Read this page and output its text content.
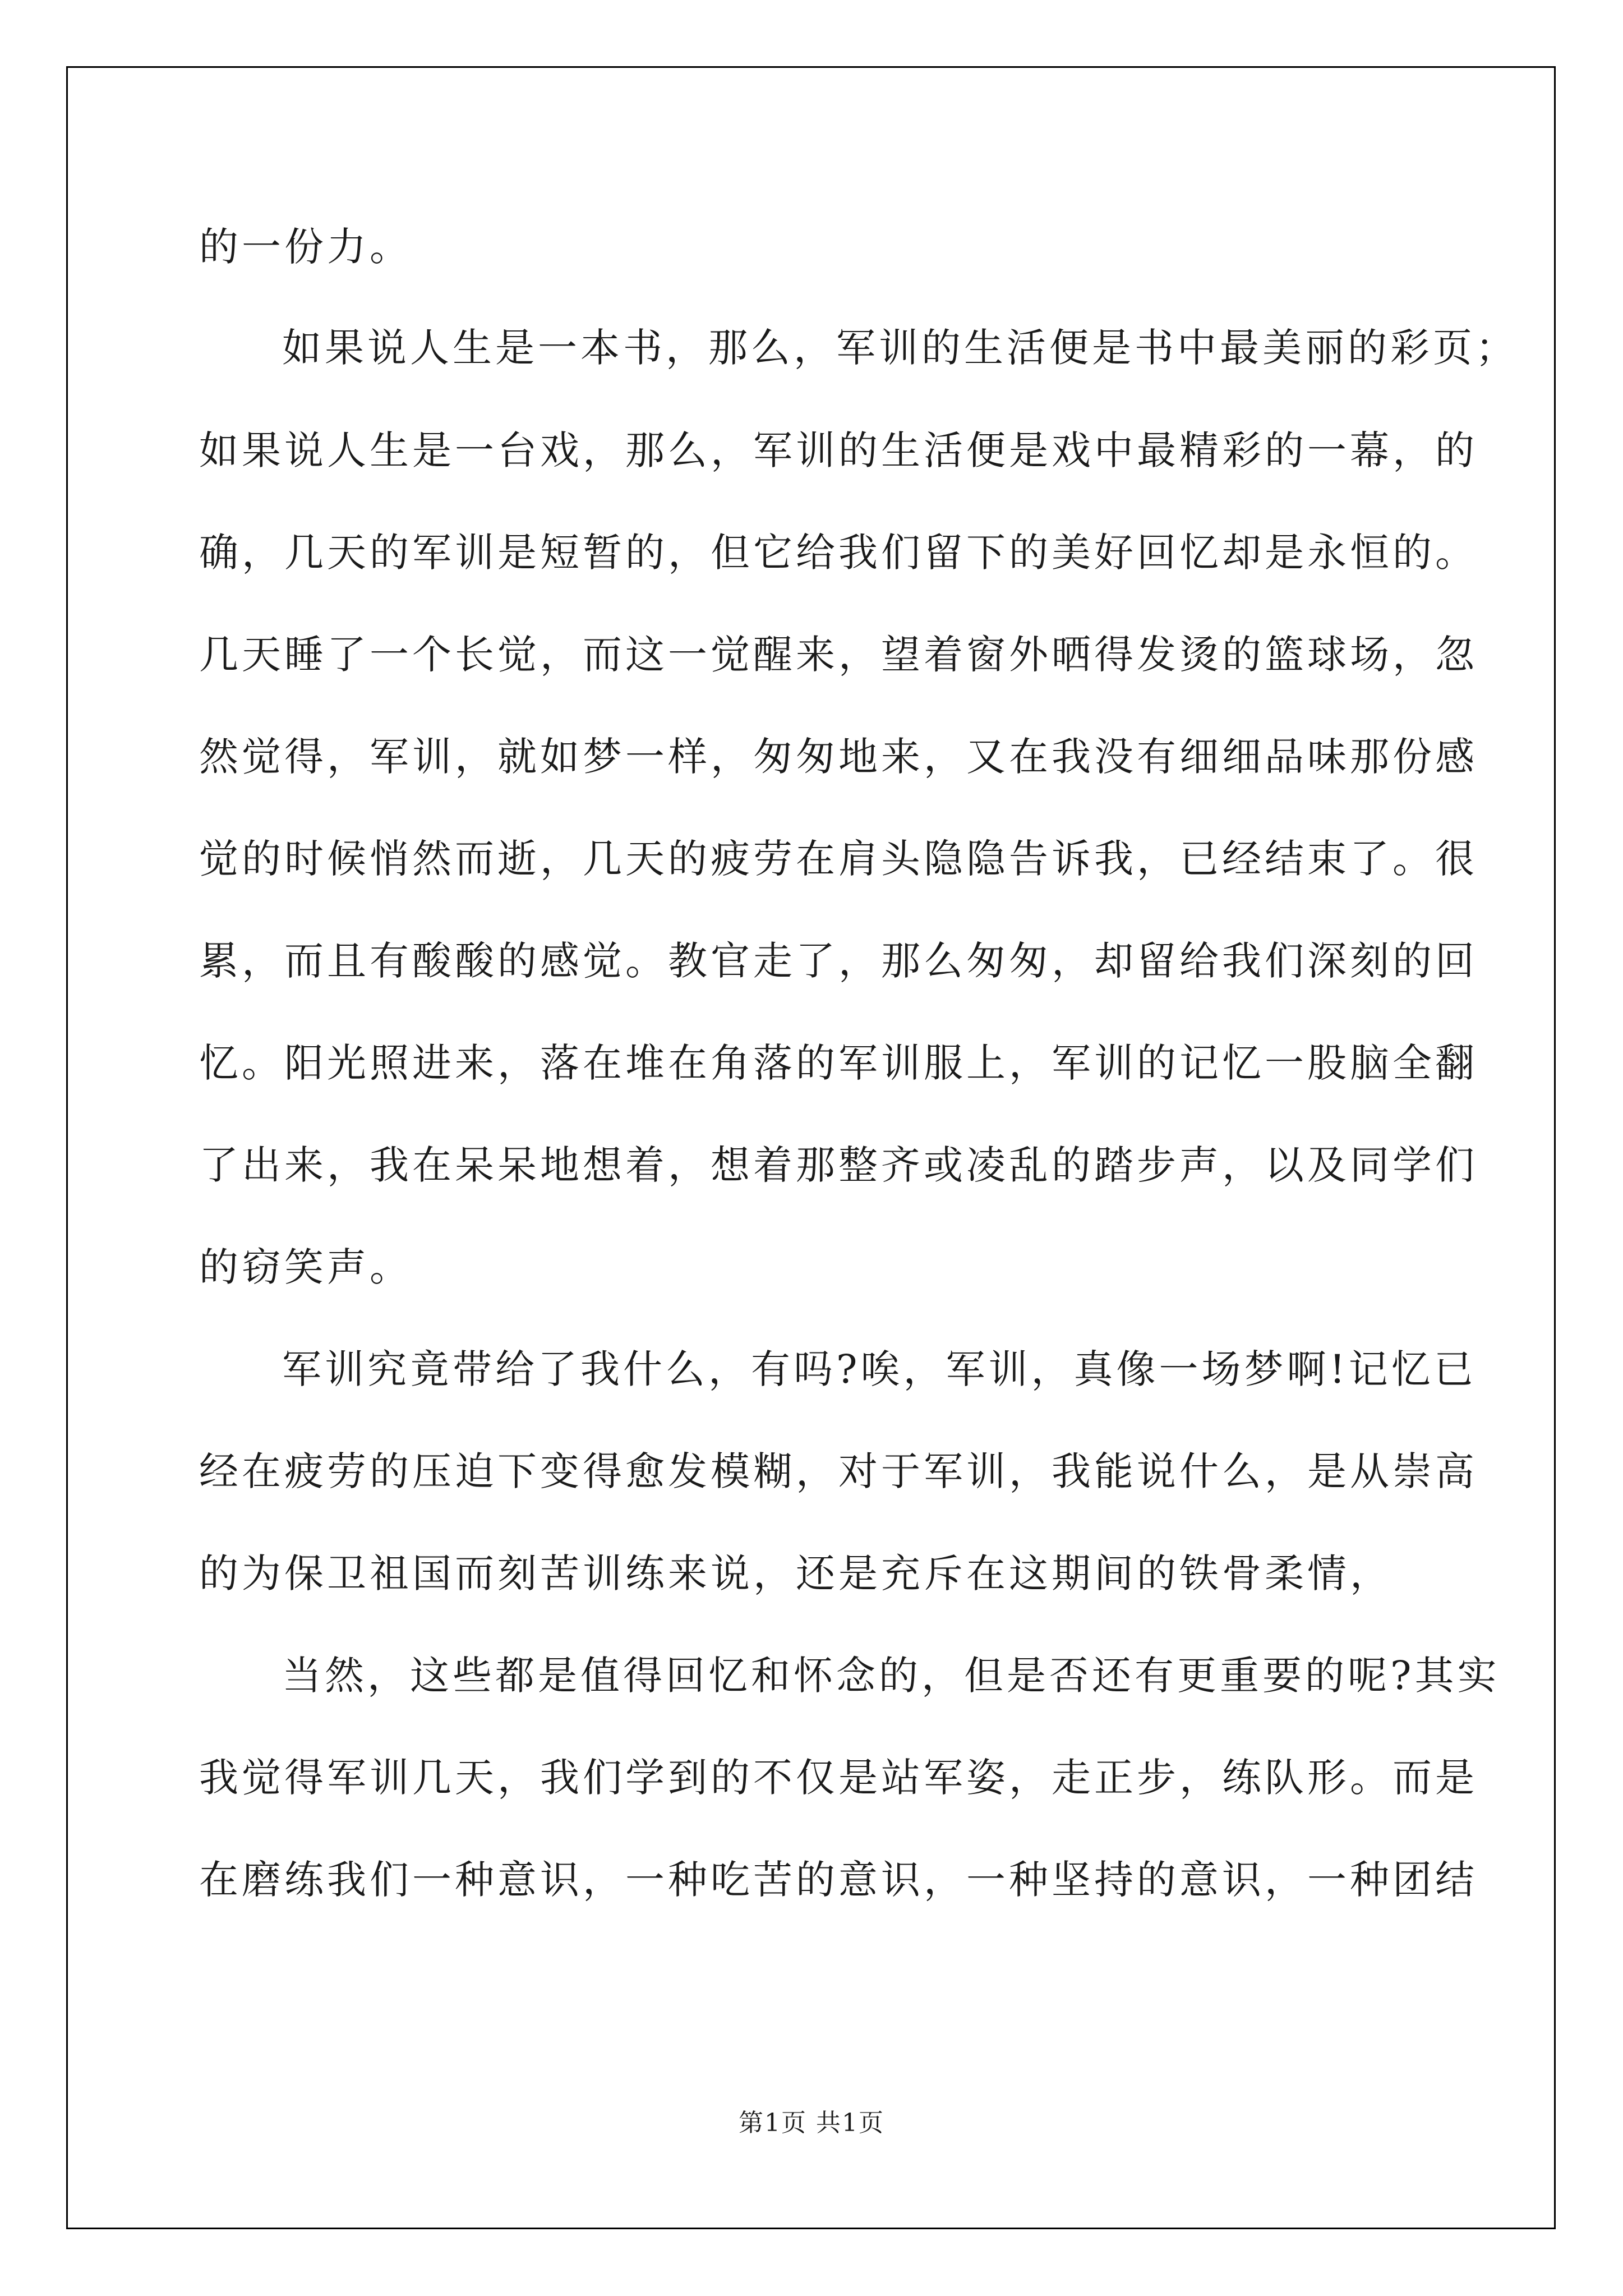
的一份力。

如果说人生是一本书，那么，军训的生活便是书中最美丽的彩页；

如果说人生是一台戏，那么，军训的生活便是戏中最精彩的一幕，的

确，几天的军训是短暂的，但它给我们留下的美好回忆却是永恒的。

几天睡了一个长觉，而这一觉醒来，望着窗外晒得发烫的篮球场，忽

然觉得，军训，就如梦一样，匆匆地来，又在我没有细细品味那份感

觉的时候悄然而逝，几天的疲劳在肩头隐隐告诉我，已经结束了。很

累，而且有酸酸的感觉。教官走了，那么匆匆，却留给我们深刻的回

忆。阳光照进来，落在堆在角落的军训服上，军训的记忆一股脑全翻

了出来，我在呆呆地想着，想着那整齐或凌乱的踏步声，以及同学们

的窃笑声。

军训究竟带给了我什么，有吗?唉，军训，真像一场梦啊!记忆已

经在疲劳的压迫下变得愈发模糊，对于军训，我能说什么，是从崇高

的为保卫祖国而刻苦训练来说，还是充斥在这期间的铁骨柔情，

当然，这些都是值得回忆和怀念的，但是否还有更重要的呢?其实

我觉得军训几天，我们学到的不仅是站军姿，走正步，练队形。而是

在磨练我们一种意识，一种吃苦的意识，一种坚持的意识，一种团结

第1页 共1页
